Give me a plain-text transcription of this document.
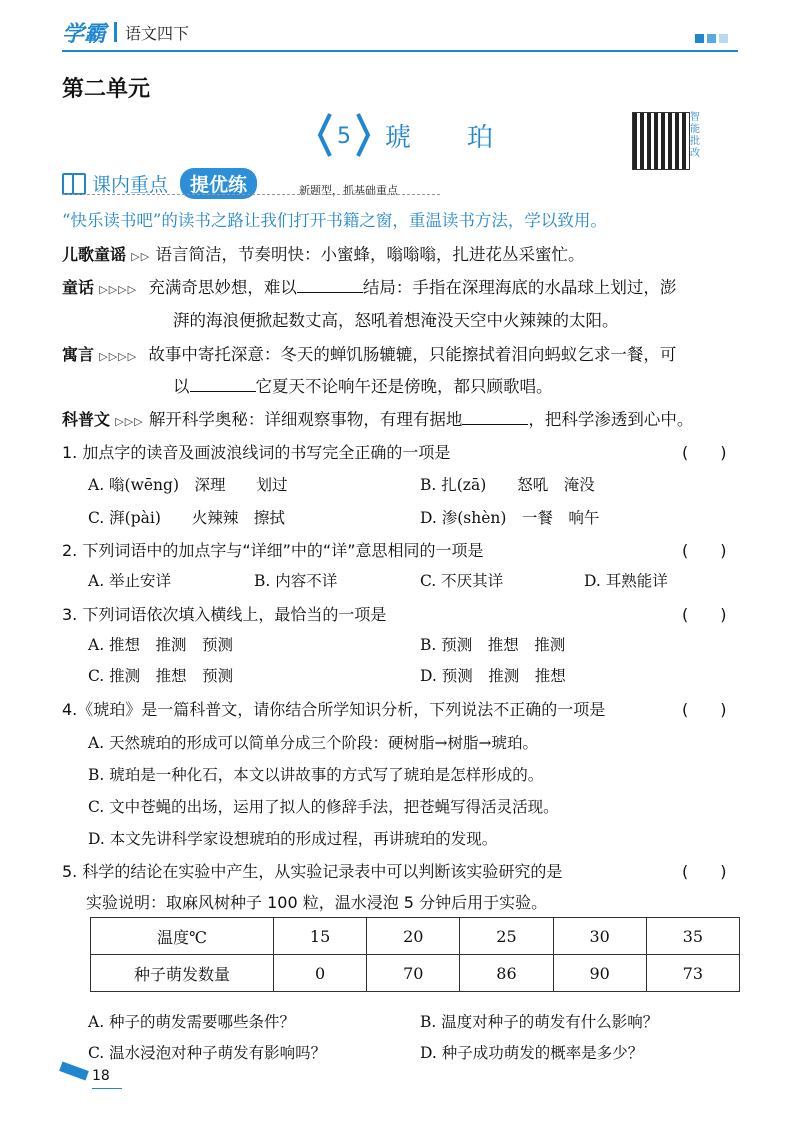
学霸 语文四下
第二单元
5 琥珀
智能批改
课内重点	提优练	新题型，抓基础重点
“快乐读书吧”的读书之路让我们打开书籍之窗，重温读书方法，学以致用。
儿歌童谣 ▷▷ 语言简洁，节奏明快：小蜜蜂，嗡嗡嗡，扎进花丛采蜜忙。
童话 ▷▷▷▷ 充满奇思妙想，难以	结局：手指在深理海底的水晶球上划过，澎
湃的海浪便掀起数丈高，怒吼着想淹没天空中火辣辣的太阳。
寓言 ▷▷▷▷ 故事中寄托深意：冬天的蝉饥肠辘辘，只能擦拭着泪向蚂蚁乞求一餐，可
以	它夏天不论响午还是傍晚，都只顾歌唱。
科普文 ▷▷▷ 解开科学奥秘：详细观察事物，有理有据地	，把科学渗透到心中。
1. 加点字的读音及画波浪线词的书写完全正确的一项是	(　　)
A. 嗡(wēng)　深理　　划过	B. 扎(zā)　　怒吼　淹没
C. 湃(pài)　　火辣辣　擦拭	D. 渗(shèn)　一餐　响午
2. 下列词语中的加点字与“详细”中的“详”意思相同的一项是	(　　)
A. 举止安详	B. 内容不详	C. 不厌其详	D. 耳熟能详
3. 下列词语依次填入横线上，最恰当的一项是	(　　)
A. 推想　推测　预测	B. 预测　推想　推测
C. 推测　推想　预测	D. 预测　推测　推想
4.《琥珀》是一篇科普文，请你结合所学知识分析，下列说法不正确的一项是	(　　)
A. 天然琥珀的形成可以简单分成三个阶段：硬树脂→树脂→琥珀。
B. 琥珀是一种化石，本文以讲故事的方式写了琥珀是怎样形成的。
C. 文中苍蝇的出场，运用了拟人的修辞手法，把苍蝇写得活灵活现。
D. 本文先讲科学家设想琥珀的形成过程，再讲琥珀的发现。
5. 科学的结论在实验中产生，从实验记录表中可以判断该实验研究的是	(　　)
实验说明：取麻风树种子 100 粒，温水浸泡 5 分钟后用于实验。
温度℃	15	20	25	30	35
种子萌发数量	0	70	86	90	73
A. 种子的萌发需要哪些条件？	B. 温度对种子的萌发有什么影响？
C. 温水浸泡对种子萌发有影响吗？	D. 种子成功萌发的概率是多少？
18
